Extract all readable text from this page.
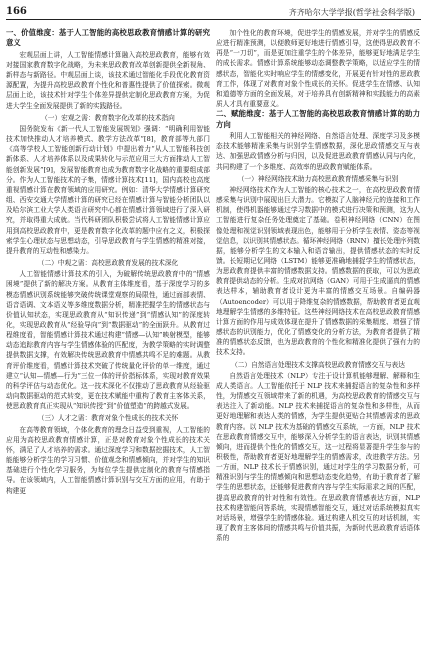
166	齐齐哈尔大学学报(哲学社会科学版)
一、价值维度：基于人工智能的高校思政教育情感计算的研究意义

宏观层面上讲，人工智能情感计算融入高校思政教育，能够有效对接国家教育数字化战略，为未来思政教育改革创新提供全新视角、新样态与新路径。中观层面上谈，该技术通过智能化手段优化教育资源配置，为提升高校思政教育个性化和普惠性提供了价值探索。微观层面上论，该技术针对学生个体差异提供定制化思政教育方案，为促进大学生全面发展提供了新的实践路径。

（一）宏观之需：教育数字化改革的技术指向

国务院发布《新一代人工智能发展规划》强调：“明确利用智能技术加快推动人才培养模式、教学方法改革”[8]，教育部等九部门《高等学校人工智能创新行动计划》中提出着力“从人工智能科技创新体系、人才培养体系以及成果转化与示范应用三大方面推动人工智能创新发展”[9]，发展智能教育也成为教育数字化战略的重要组成部分。作为人工智能技术的子集，情感计算技术[11]，国内高校也高度重视情感计算在教育领域的应用研究。例如：清华大学情感计算研究组、西安交通大学情感计算的研究已经在情感计算与智能分析团队以及哈尔滨工业大学人类语言研究中心都在情感计算领域进行了深入研究，并取得重大成就。当代科研团队积极尝试将人工智能情感计算应用到高校思政教育中，更是教育数字化改革的题中应有之义，积极探索学生心理状态与思想动态，引导思政教育与学生情感的精准对接，提升教育的互动性和感染力。

（二）中观之需：高校思政教育发展的技术深化

人工智能情感计算技术的引入，为破解传统思政教育中的“情感困境”提供了新的解决方案。从教育主体维度看，基于深度学习的多模态情感识别系统能够突破传统课堂观察的局限性，通过面部表情、语音语调、文本语义等多维度数据分析，精准把握学生的情感状态与价值认知状态，实现思政教育从“知识传递”到“情感认知”的深度转化，实现思政教育从“经验导向”到“数据驱动”的全面跃升。从教育过程维度看，智能情感计算技术通过构建“情感—认知”映射模型，能够动态追踪教育内容与学生情感体验的匹配度，为教学策略的实时调整提供数据支撑，有效解决传统思政教育中情感共鸣不足的难题。从教育评价维度看，情感计算技术突破了传统量化评价的单一维度，通过建立“认知—情感—行为”三位一体的评价指标体系，实现对教育效果的科学评估与动态优化。这一技术深化不仅推动了思政教育从经验驱动向数据驱动的范式转变，更在技术赋能中重构了教育主客体关系，使思政教育真正实现从“知识传授”到“价值塑造”的跨越式发展。

（三）人才之需：教育对象个性成长的技术关怀

在高等教育领域，个体化教育的理念日益受到重视，人工智能的应用为高校思政教育情感计算，正是对教育对象个性成长的技术关怀，满足了人才培养的需求。通过深度学习和数据挖掘技术，人工智能能够分析学生的学习习惯、价值观念和情感倾向，并对学生的知识基础进行个性化学习服务，为每位学生提供定制化的教育与情感指导。在该领域内，人工智能情感计算识别与交互方面的应用，有助于构建更

加个性化的教育环境，促进学生的情感发展，并对学生的情感反应进行精准预测，以便教师更好地进行情感引导，这使得思政教育不再是“一刀切”，而是更加注重学生的个体差异，能够更好地满足学生的成长需求。情感计算系统能够动态调整教学策略，以适应学生的情感状态，智能化实时响应学生的情感变化，开展更有针对性的思政教育工作，体现了对教育对象个性成长的关怀。促进学生在情感、认知和道德等方面的全面发展，对于培养具有创新精神和实践能力的高素质人才具有重要意义。

二、赋能维度：基于人工智能的高校思政教育情感计算的助力方向

利用人工智能相关的神经网络、自然语言处理、深度学习及多模态技术能够精准采集与识别学生情感数据，深化思政情感交互与表达、加强思政情感分析与归因，以及促进思政教育情感认同与内化，共同构建了一个多维度、高效率的思政教育赋能体系。

（一）神经网络技术助力高校思政教育情感采集与识别

神经网络技术作为人工智能的核心技术之一，在高校思政教育情感采集与识别中展现出巨大潜力。它模拟了人脑神经元的连接和工作机制，使得机器能够通过学习数据中的模式进行决策和预测，这为人工智能进行复杂任务处理奠定了基础。卷积神经网络（CNN）在图像处理和视觉识别领域表现出色，能够用于分析学生表情、姿态等视觉信息，以识别其情感状态。循环神经网络（RNN）擅长处理序列数据，能够分析学生的文本输入和语音输出，提供情感状态的实时反馈。长短期记忆网络（LSTM）能够更准确地捕捉学生的情感状态，为思政教育提供丰富的情感数据支持。情感数据的获取，可以为思政教育提供动态的分析。生成对抗网络（GAN）可用于生成逼真的情感表达样本，辅助教育者设计更为丰富的情感交互场景。自编码器（Autoencoder）可以用于降维复杂的情感数据，帮助教育者更直观地理解学生情感的多维特征。这些神经网络技术在高校思政教育情感计算方面的作用与成效体现在提升了情感数据的采集精度、增强了情感状态的识别能力，优化了情感变化的分析方法，为教育者提供了精准的情感状态反馈，也为思政教育的个性化和精准化提供了强有力的技术支持。

（二）自然语言处理技术支撑高校思政教育情感交互与表达

自然语言处理技术（NLP）专注于设计算机能够理解、解释和生成人类语言。人工智能依托于 NLP 技术来捕捉语言的复杂性和多样性，为情感交互领域带来了新的机遇，为高校思政教育的情感交互与表达注入了新动能。NLP 技术来捕捉语言的复杂性和多样性，从而更好地理解和表达人类的情感，为学生提供更贴合其情感需求的思政教育内容。以 NLP 技术为基础的情感交互系统，一方面，NLP 技术在思政教育情感交互中，能够深入分析学生的语言表达，识别其情感倾向，进而提供个性化的情感交互，这一过程将显著提升学生参与的积极性，帮助教育者更好地理解学生的情感需求，改进教学方法。另一方面，NLP 技术长于情感识别，通过对学生的学习数据分析，可精准识别与学生的情感倾向和思想动态变化趋势，有助于教育者了解学生的思想状态，还能够促进教育内容与学生实际需求之间的匹配，提高思政教育的针对性和有效性。在思政教育情感表达方面，NLP 技术构建智能问答系统，实现情感智能交互，通过对话系统模拟真实对话场景，增强学生的情感体验。通过构建人机交互的对话机制，实现了教育主客体间的情感共鸣与价值共振，为新时代思政教育话语体系的
